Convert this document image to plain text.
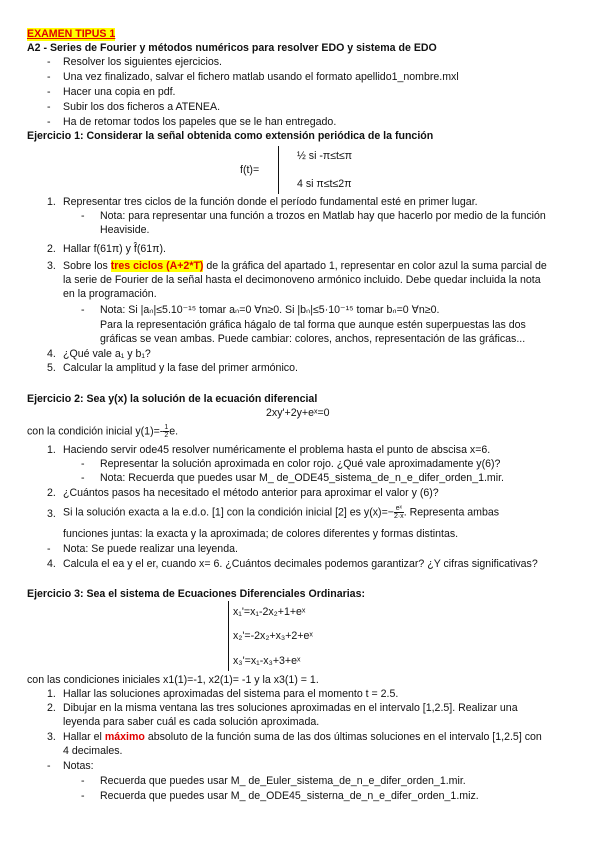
EXAMEN TIPUS 1
A2 - Series de Fourier y métodos numéricos para resolver EDO y sistema de EDO
- Resolver los siguientes ejercicios.
- Una vez finalizado, salvar el fichero matlab usando el formato apellido1_nombre.mxl
- Hacer una copia en pdf.
- Subir los dos ficheros a ATENEA.
- Ha de retomar todos los papeles que se le han entregado.
Ejercicio 1: Considerar la señal obtenida como extensión periódica de la función
f(t)=
½ si -π≤t≤π
4 si π≤t≤2π
1. Representar tres ciclos de la función donde el período fundamental esté en primer lugar.
- Nota: para representar una función a trozos en Matlab hay que hacerlo por medio de la función
Heaviside.
2. Hallar f(61π) y f̂(61π).
3. Sobre los tres ciclos (A+2*T) de la gráfica del apartado 1, representar en color azul la suma parcial de
la serie de Fourier de la señal hasta el decimonoveno armónico incluido. Debe quedar incluida la nota
en la programación.
- Nota: Si |aₙ|≤5.10⁻¹⁵ tomar aₙ=0 ∀n≥0. Si |bₙ|≤5·10⁻¹⁵ tomar bₙ=0 ∀n≥0.
Para la representación gráfica hágalo de tal forma que aunque estén superpuestas las dos
gráficas se vean ambas. Puede cambiar: colores, anchos, representación de las gráficas...
4. ¿Qué vale a₁ y b₁?
5. Calcular la amplitud y la fase del primer armónico.
Ejercicio 2: Sea y(x) la solución de la ecuación diferencial
2xy'+2y+eˣ=0
con la condición inicial $y(1)=- \frac{1}{2} e$.
1. Haciendo servir ode45 resolver numéricamente el problema hasta el punto de abscisa x=6.
- Representar la solución aproximada en color rojo. ¿Qué vale aproximadamente y(6)?
- Nota: Recuerda que puedes usar M_ de_ODE45_sistema_de_n_e_difer_orden_1.mir.
2. ¿Cuántos pasos ha necesitado el método anterior para aproximar el valor y (6)?
3. Si la solución exacta a la e.d.o. [1] con la condición inicial [2] es $y(x)=- \frac{\text{eˣ}}{2\cdot x}$ . Representa ambas
funciones juntas: la exacta y la aproximada; de colores diferentes y formas distintas.
- Nota: Se puede realizar una leyenda.
4. Calcula el ea y el er, cuando x= 6. ¿Cuántos decimales podemos garantizar? ¿Y cifras significativas?
Ejercicio 3: Sea el sistema de Ecuaciones Diferenciales Ordinarias:
x₁'=x₁-2x₂+1+eˣ
x₂'=-2x₂+x₃+2+eˣ
x₃'=x₁-x₃+3+eˣ
con las condiciones iniciales x1(1)=-1, x2(1)= -1 y la x3(1) = 1.
1. Hallar las soluciones aproximadas del sistema para el momento t = 2.5.
2. Dibujar en la misma ventana las tres soluciones aproximadas en el intervalo [1,2.5]. Realizar una
leyenda para saber cuál es cada solución aproximada.
3. Hallar el máximo absoluto de la función suma de las dos últimas soluciones en el intervalo [1,2.5] con
4 decimales.
- Notas:
- Recuerda que puedes usar M_ de_Euler_sistema_de_n_e_difer_orden_1.mir.
- Recuerda que puedes usar M_ de_ODE45_sisterna_de_n_e_difer_orden_1.miz.
